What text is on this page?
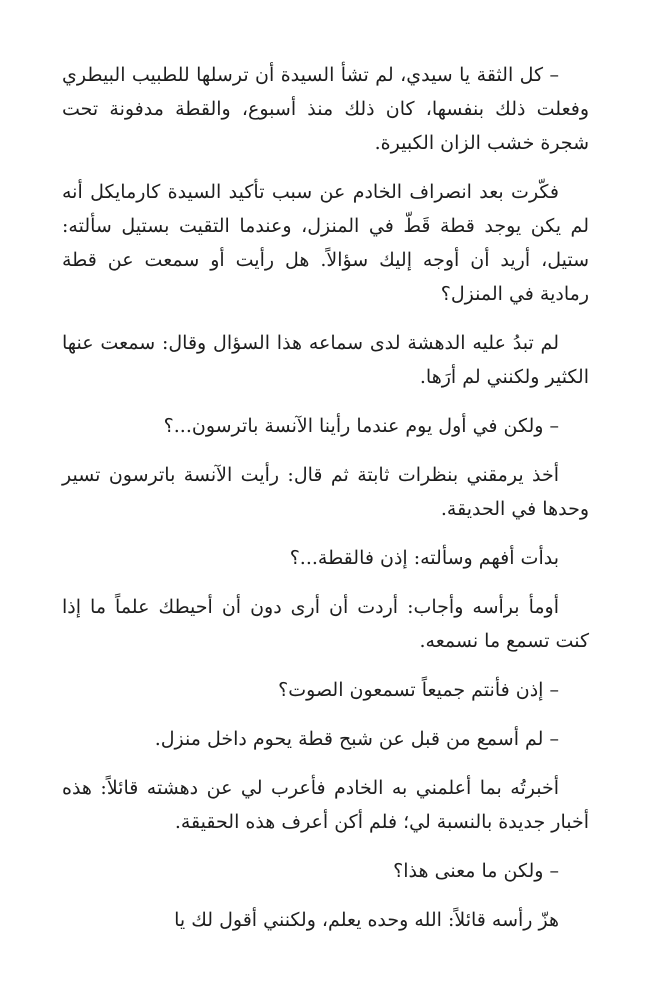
– كل الثقة يا سيدي، لم تشأ السيدة أن ترسلها للطبيب البيطري وفعلت ذلك بنفسها، كان ذلك منذ أسبوع، والقطة مدفونة تحت شجرة خشب الزان الكبيرة.

فكّرت بعد انصراف الخادم عن سبب تأكيد السيدة كارمايكل أنه لم يكن يوجد قطة قَطّ في المنزل، وعندما التقيت بستيل سألته: ستيل، أريد أن أوجه إليك سؤالاً. هل رأيت أو سمعت عن قطة رمادية في المنزل؟

لم تبدُ عليه الدهشة لدى سماعه هذا السؤال وقال: سمعت عنها الكثير ولكنني لم أرَها.

– ولكن في أول يوم عندما رأينا الآنسة باترسون...؟

أخذ يرمقني بنظرات ثابتة ثم قال: رأيت الآنسة باترسون تسير وحدها في الحديقة.

بدأت أفهم وسألته: إذن فالقطة...؟

أومأ برأسه وأجاب: أردت أن أرى دون أن أحيطك علماً ما إذا كنت تسمع ما نسمعه.

– إذن فأنتم جميعاً تسمعون الصوت؟

– لم أسمع من قبل عن شبح قطة يحوم داخل منزل.

أخبرتُه بما أعلمني به الخادم فأعرب لي عن دهشته قائلاً: هذه أخبار جديدة بالنسبة لي؛ فلم أكن أعرف هذه الحقيقة.

– ولكن ما معنى هذا؟

هزّ رأسه قائلاً: الله وحده يعلم، ولكنني أقول لك يا
